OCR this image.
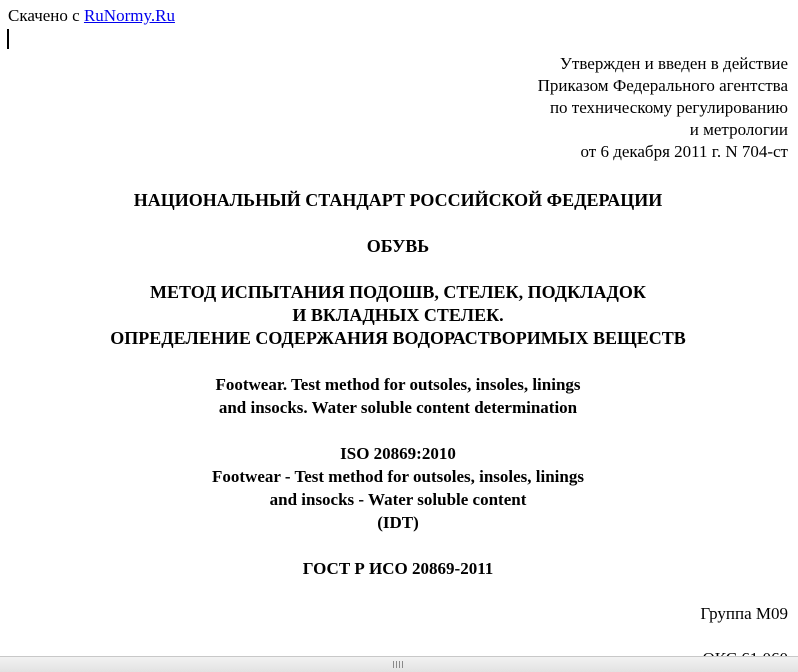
Скачено с RuNormy.Ru
Утвержден и введен в действие
Приказом Федерального агентства
по техническому регулированию
и метрологии
от 6 декабря 2011 г. N 704-ст
НАЦИОНАЛЬНЫЙ СТАНДАРТ РОССИЙСКОЙ ФЕДЕРАЦИИ
ОБУВЬ
МЕТОД ИСПЫТАНИЯ ПОДОШВ, СТЕЛЕК, ПОДКЛАДОК
И ВКЛАДНЫХ СТЕЛЕК.
ОПРЕДЕЛЕНИЕ СОДЕРЖАНИЯ ВОДОРАСТВОРИМЫХ ВЕЩЕСТВ
Footwear. Test method for outsoles, insoles, linings
and insocks. Water soluble content determination
ISO 20869:2010
Footwear - Test method for outsoles, insoles, linings
and insocks - Water soluble content
(IDT)
ГОСТ Р ИСО 20869-2011
Группа М09
